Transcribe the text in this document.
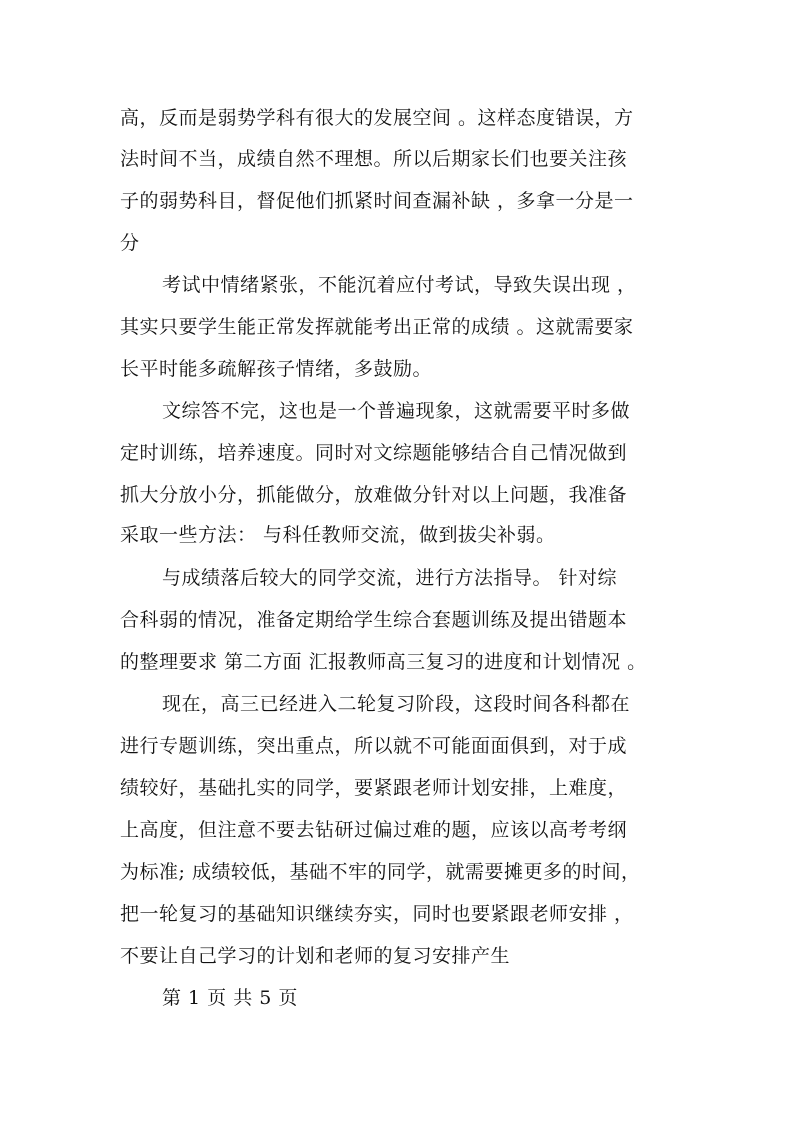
高，反而是弱势学科有很大的发展空间 。这样态度错误，方
法时间不当，成绩自然不理想。所以后期家长们也要关注孩
子的弱势科目，督促他们抓紧时间查漏补缺 ，多拿一分是一
分
考试中情绪紧张，不能沉着应付考试，导致失误出现 ，
其实只要学生能正常发挥就能考出正常的成绩 。这就需要家
长平时能多疏解孩子情绪，多鼓励。
文综答不完，这也是一个普遍现象，这就需要平时多做
定时训练，培养速度。同时对文综题能够结合自己情况做到
抓大分放小分，抓能做分，放难做分针对以上问题，我准备
采取一些方法： 与科任教师交流，做到拔尖补弱。
与成绩落后较大的同学交流，进行方法指导。 针对综
合科弱的情况，准备定期给学生综合套题训练及提出错题本
的整理要求 第二方面 汇报教师高三复习的进度和计划情况 。
现在，高三已经进入二轮复习阶段，这段时间各科都在
进行专题训练，突出重点，所以就不可能面面俱到，对于成
绩较好，基础扎实的同学，要紧跟老师计划安排，上难度，
上高度，但注意不要去钻研过偏过难的题，应该以高考考纲
为标准; 成绩较低，基础不牢的同学，就需要摊更多的时间，
把一轮复习的基础知识继续夯实，同时也要紧跟老师安排 ，
不要让自己学习的计划和老师的复习安排产生
第 1 页 共 5 页
